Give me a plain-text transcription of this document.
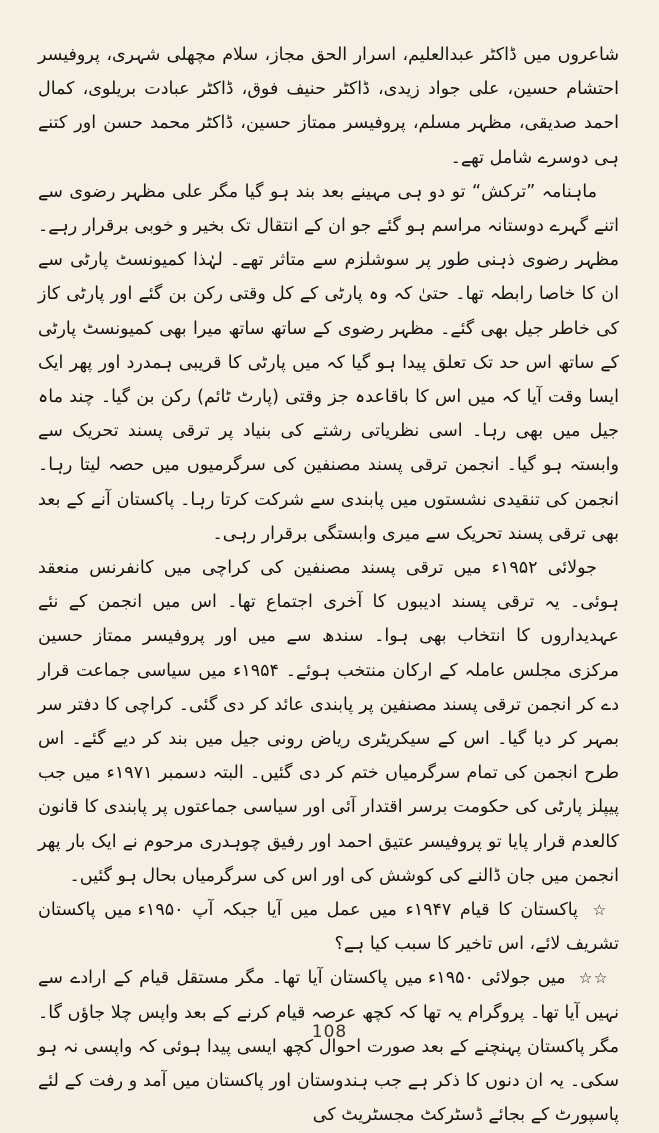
شاعروں میں ڈاکٹر عبدالعلیم، اسرار الحق مجاز، سلام مچھلی شہری، پروفیسر احتشام حسین، علی جواد زیدی، ڈاکٹر حنیف فوق، ڈاکٹر عبادت بریلوی، کمال احمد صدیقی، مظہر مسلم، پروفیسر ممتاز حسین، ڈاکٹر محمد حسن اور کتنے ہی دوسرے شامل تھے۔

ماہنامہ ”ترکش“ تو دو ہی مہینے بعد بند ہو گیا مگر علی مظہر رضوی سے اتنے گہرے دوستانہ مراسم ہو گئے جو ان کے انتقال تک بخیر و خوبی برقرار رہے۔ مظہر رضوی ذہنی طور پر سوشلزم سے متاثر تھے۔ لہٰذا کمیونسٹ پارٹی سے ان کا خاصا رابطہ تھا۔ حتیٰ کہ وہ پارٹی کے کل وقتی رکن بن گئے اور پارٹی کاز کی خاطر جیل بھی گئے۔ مظہر رضوی کے ساتھ ساتھ میرا بھی کمیونسٹ پارٹی کے ساتھ اس حد تک تعلق پیدا ہو گیا کہ میں پارٹی کا قریبی ہمدرد اور پھر ایک ایسا وقت آیا کہ میں اس کا باقاعدہ جز وقتی (پارٹ ٹائم) رکن بن گیا۔ چند ماہ جیل میں بھی رہا۔ اسی نظریاتی رشتے کی بنیاد پر ترقی پسند تحریک سے وابستہ ہو گیا۔ انجمن ترقی پسند مصنفین کی سرگرمیوں میں حصہ لیتا رہا۔ انجمن کی تنقیدی نشستوں میں پابندی سے شرکت کرتا رہا۔ پاکستان آنے کے بعد بھی ترقی پسند تحریک سے میری وابستگی برقرار رہی۔

جولائی ۱۹۵۲ء میں ترقی پسند مصنفین کی کراچی میں کانفرنس منعقد ہوئی۔ یہ ترقی پسند ادیبوں کا آخری اجتماع تھا۔ اس میں انجمن کے نئے عہدیداروں کا انتخاب بھی ہوا۔ سندھ سے میں اور پروفیسر ممتاز حسین مرکزی مجلس عاملہ کے ارکان منتخب ہوئے۔ ۱۹۵۴ء میں سیاسی جماعت قرار دے کر انجمن ترقی پسند مصنفین پر پابندی عائد کر دی گئی۔ کراچی کا دفتر سر بمہر کر دیا گیا۔ اس کے سیکریٹری ریاض رونی جیل میں بند کر دیے گئے۔ اس طرح انجمن کی تمام سرگرمیاں ختم کر دی گئیں۔ البتہ دسمبر ۱۹۷۱ء میں جب پیپلز پارٹی کی حکومت برسر اقتدار آئی اور سیاسی جماعتوں پر پابندی کا قانون کالعدم قرار پایا تو پروفیسر عتیق احمد اور رفیق چوہدری مرحوم نے ایک بار پھر انجمن میں جان ڈالنے کی کوشش کی اور اس کی سرگرمیاں بحال ہو گئیں۔

☆ پاکستان کا قیام ۱۹۴۷ء میں عمل میں آیا جبکہ آپ ۱۹۵۰ء میں پاکستان تشریف لائے، اس تاخیر کا سبب کیا ہے؟

☆☆ میں جولائی ۱۹۵۰ء میں پاکستان آیا تھا۔ مگر مستقل قیام کے ارادے سے نہیں آیا تھا۔ پروگرام یہ تھا کہ کچھ عرصہ قیام کرنے کے بعد واپس چلا جاؤں گا۔ مگر پاکستان پہنچنے کے بعد صورت احوال کچھ ایسی پیدا ہوئی کہ واپسی نہ ہو سکی۔ یہ ان دنوں کا ذکر ہے جب ہندوستان اور پاکستان میں آمد و رفت کے لئے پاسپورٹ کے بجائے ڈسٹرکٹ مجسٹریٹ کی

108
